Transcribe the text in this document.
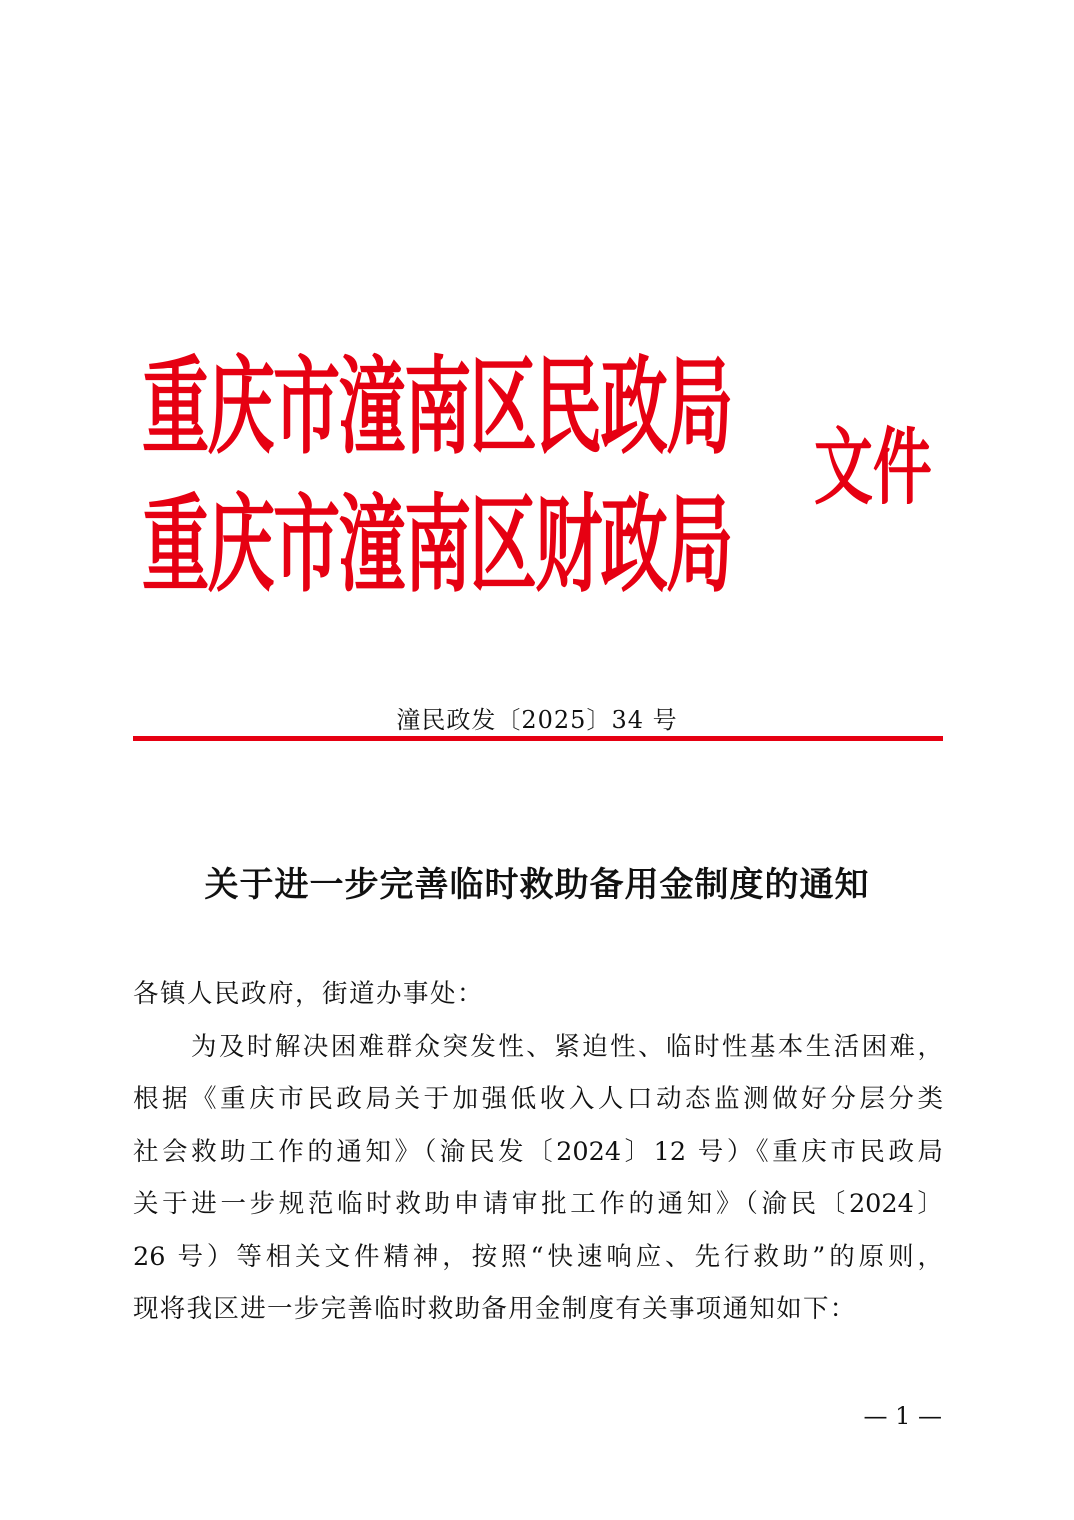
重庆市潼南区民政局
重庆市潼南区财政局
文件
潼民政发〔2025〕34 号
关于进一步完善临时救助备用金制度的通知

各镇人民政府，街道办事处：

为及时解决困难群众突发性、紧迫性、临时性基本生活困难，
根据《重庆市民政局关于加强低收入人口动态监测做好分层分类
社会救助工作的通知》（渝民发〔2024〕12 号）《重庆市民政局
关于进一步规范临时救助申请审批工作的通知》（渝民〔2024〕
26 号）等相关文件精神，按照“快速响应、先行救助”的原则，
现将我区进一步完善临时救助备用金制度有关事项通知如下：
— 1 —
